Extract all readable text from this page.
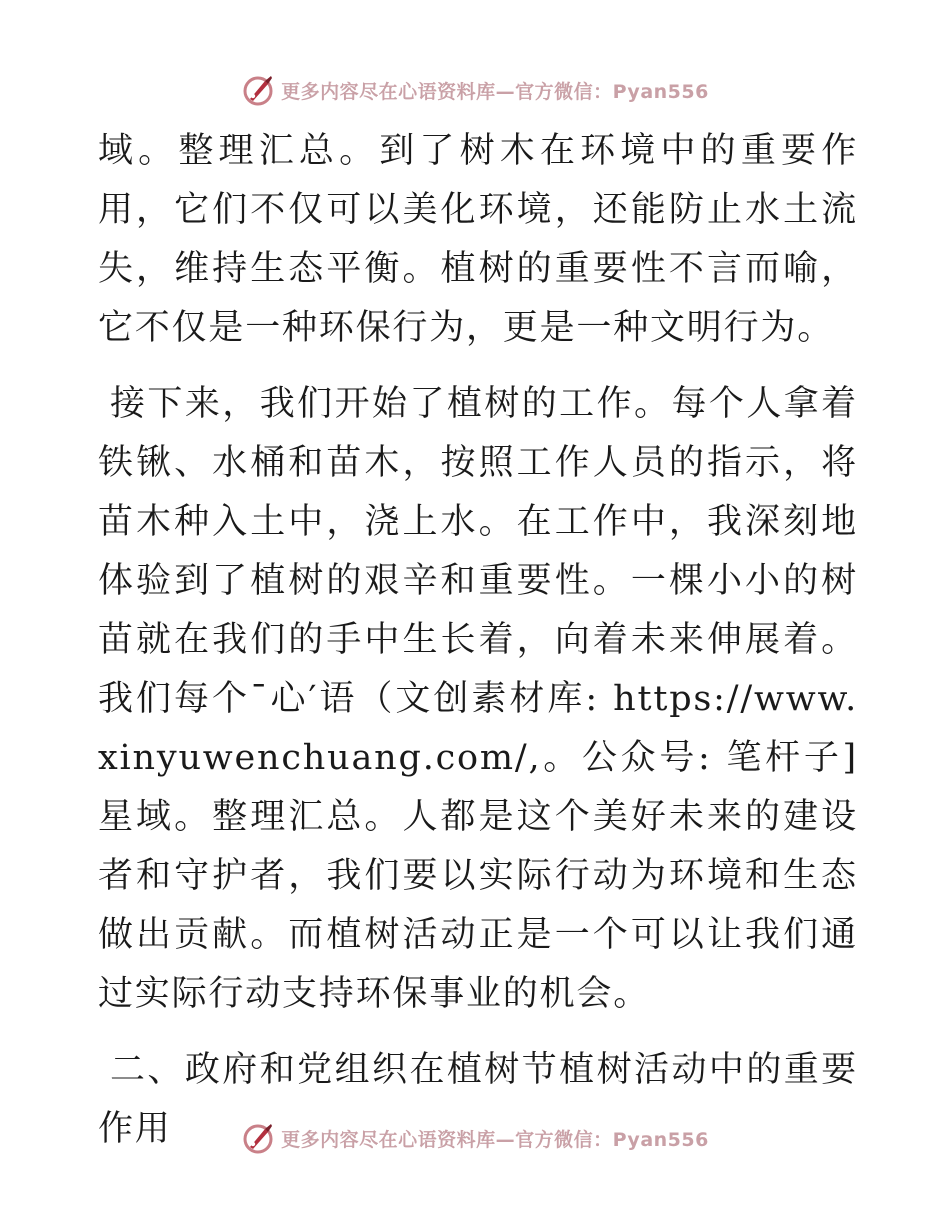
更多内容尽在心语资料库—官方微信：Pyan556

域。整理汇总。到了树木在环境中的重要作用，它们不仅可以美化环境，还能防止水土流失，维持生态平衡。植树的重要性不言而喻，它不仅是一种环保行为，更是一种文明行为。

接下来，我们开始了植树的工作。每个人拿着铁锹、水桶和苗木，按照工作人员的指示，将苗木种入土中，浇上水。在工作中，我深刻地体验到了植树的艰辛和重要性。一棵小小的树苗就在我们的手中生长着，向着未来伸展着。我们每个¯心′语（文创素材库: https://www.xinyuwenchuang.com/,。公众号: 笔杆子]星域。整理汇总。人都是这个美好未来的建设者和守护者，我们要以实际行动为环境和生态做出贡献。而植树活动正是一个可以让我们通过实际行动支持环保事业的机会。

二、政府和党组织在植树节植树活动中的重要作用	更多内容尽在心语资料库—官方微信：Pyan556
